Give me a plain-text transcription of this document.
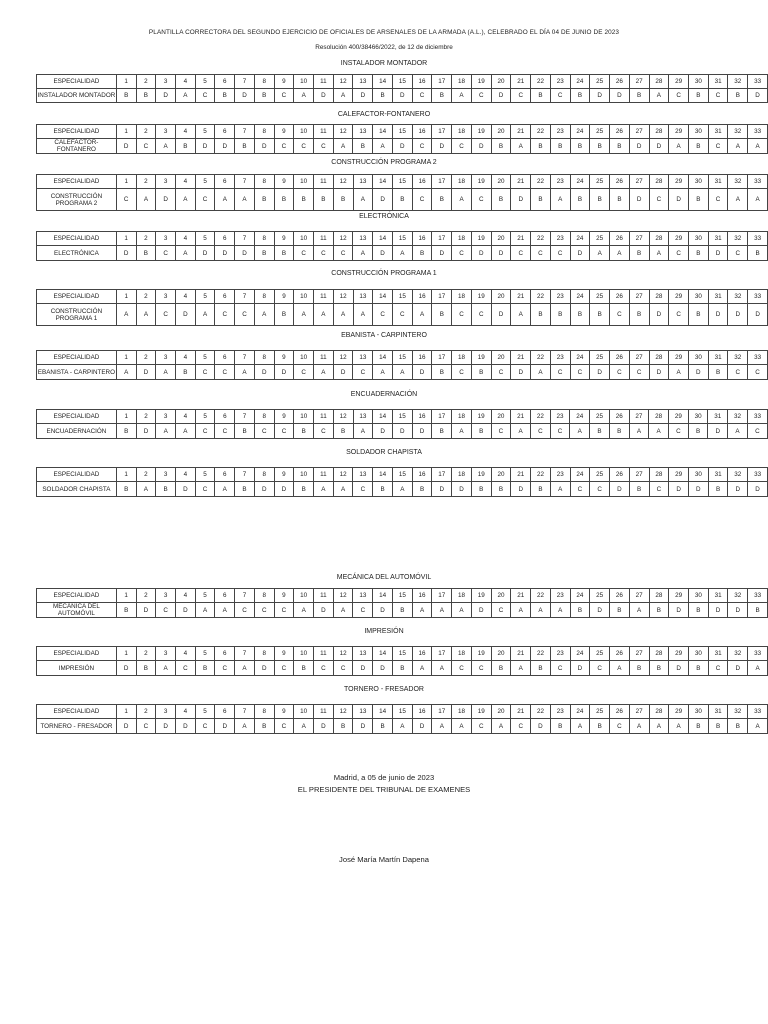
PLANTILLA CORRECTORA DEL SEGUNDO EJERCICIO DE OFICIALES DE ARSENALES DE LA ARMADA (A.L.), CELEBRADO EL DÍA 04 DE JUNIO DE 2023
Resolución 400/38466/2022, de 12 de diciembre
INSTALADOR MONTADOR
ESPECIALIDAD	1	2	3	4	5	6	7	8	9	10	11	12	13	14	15	16	17	18	19	20	21	22	23	24	25	26	27	28	29	30	31	32	33
INSTALADOR MONTADOR	B	B	D	A	C	B	D	B	C	A	D	A	D	B	D	C	B	A	C	D	C	B	C	B	D	D	B	A	C	B	C	B	D
CALEFACTOR-FONTANERO
ESPECIALIDAD	1	2	3	4	5	6	7	8	9	10	11	12	13	14	15	16	17	18	19	20	21	22	23	24	25	26	27	28	29	30	31	32	33
CALEFACTOR-FONTANERO	D	C	A	B	D	D	B	D	C	C	C	A	B	A	D	C	D	C	D	B	A	B	B	B	B	B	D	D	A	B	C	A	A
CONSTRUCCIÓN PROGRAMA 2
ESPECIALIDAD	1	2	3	4	5	6	7	8	9	10	11	12	13	14	15	16	17	18	19	20	21	22	23	24	25	26	27	28	29	30	31	32	33
CONSTRUCCIÓN PROGRAMA 2	C	A	D	A	C	A	A	B	B	B	B	B	A	D	B	C	B	A	C	B	D	B	A	B	B	B	D	C	D	B	C	A	A
ELECTRÓNICA
ESPECIALIDAD	1	2	3	4	5	6	7	8	9	10	11	12	13	14	15	16	17	18	19	20	21	22	23	24	25	26	27	28	29	30	31	32	33
ELECTRÓNICA	D	B	C	A	D	D	D	B	B	C	C	C	A	D	A	B	D	C	D	D	C	C	C	D	A	A	B	A	C	B	D	C	B
CONSTRUCCIÓN PROGRAMA 1
ESPECIALIDAD	1	2	3	4	5	6	7	8	9	10	11	12	13	14	15	16	17	18	19	20	21	22	23	24	25	26	27	28	29	30	31	32	33
CONSTRUCCIÓN PROGRAMA 1	A	A	C	D	A	C	C	A	B	A	A	A	A	C	C	A	B	C	C	D	A	B	B	B	B	C	B	D	C	B	D	D	D
EBANISTA - CARPINTERO
ESPECIALIDAD	1	2	3	4	5	6	7	8	9	10	11	12	13	14	15	16	17	18	19	20	21	22	23	24	25	26	27	28	29	30	31	32	33
EBANISTA - CARPINTERO	A	D	A	B	C	C	A	D	D	C	A	D	C	A	A	D	B	C	B	C	D	A	C	C	D	C	C	D	A	D	B	C	C
ENCUADERNACIÓN
ESPECIALIDAD	1	2	3	4	5	6	7	8	9	10	11	12	13	14	15	16	17	18	19	20	21	22	23	24	25	26	27	28	29	30	31	32	33
ENCUADERNACIÓN	B	D	A	A	C	C	B	C	C	B	C	B	A	D	D	D	B	A	B	C	A	C	C	A	B	B	A	A	C	B	D	A	C
SOLDADOR CHAPISTA
ESPECIALIDAD	1	2	3	4	5	6	7	8	9	10	11	12	13	14	15	16	17	18	19	20	21	22	23	24	25	26	27	28	29	30	31	32	33
SOLDADOR CHAPISTA	B	A	B	D	C	A	B	D	D	B	A	A	C	B	A	B	D	D	B	B	D	B	A	C	C	D	B	C	D	D	B	D	D
MECÁNICA DEL AUTOMÓVIL
ESPECIALIDAD	1	2	3	4	5	6	7	8	9	10	11	12	13	14	15	16	17	18	19	20	21	22	23	24	25	26	27	28	29	30	31	32	33
MECÁNICA DEL AUTOMÓVIL	B	D	C	D	A	A	C	C	C	A	D	A	C	D	B	A	A	A	D	C	A	A	A	B	D	B	A	B	D	B	D	D	B
IMPRESIÓN
ESPECIALIDAD	1	2	3	4	5	6	7	8	9	10	11	12	13	14	15	16	17	18	19	20	21	22	23	24	25	26	27	28	29	30	31	32	33
IMPRESIÓN	D	B	A	C	B	C	A	D	C	B	C	C	D	D	B	A	A	C	C	B	A	B	C	D	C	A	B	B	D	B	C	D	A
TORNERO - FRESADOR
ESPECIALIDAD	1	2	3	4	5	6	7	8	9	10	11	12	13	14	15	16	17	18	19	20	21	22	23	24	25	26	27	28	29	30	31	32	33
TORNERO - FRESADOR	D	C	D	D	C	D	A	B	C	A	D	B	D	B	A	D	A	A	C	A	C	D	B	A	B	C	A	A	A	B	B	B	A
Madrid, a 05 de junio de 2023
EL PRESIDENTE DEL TRIBUNAL DE EXAMENES
José María Martín Dapena
